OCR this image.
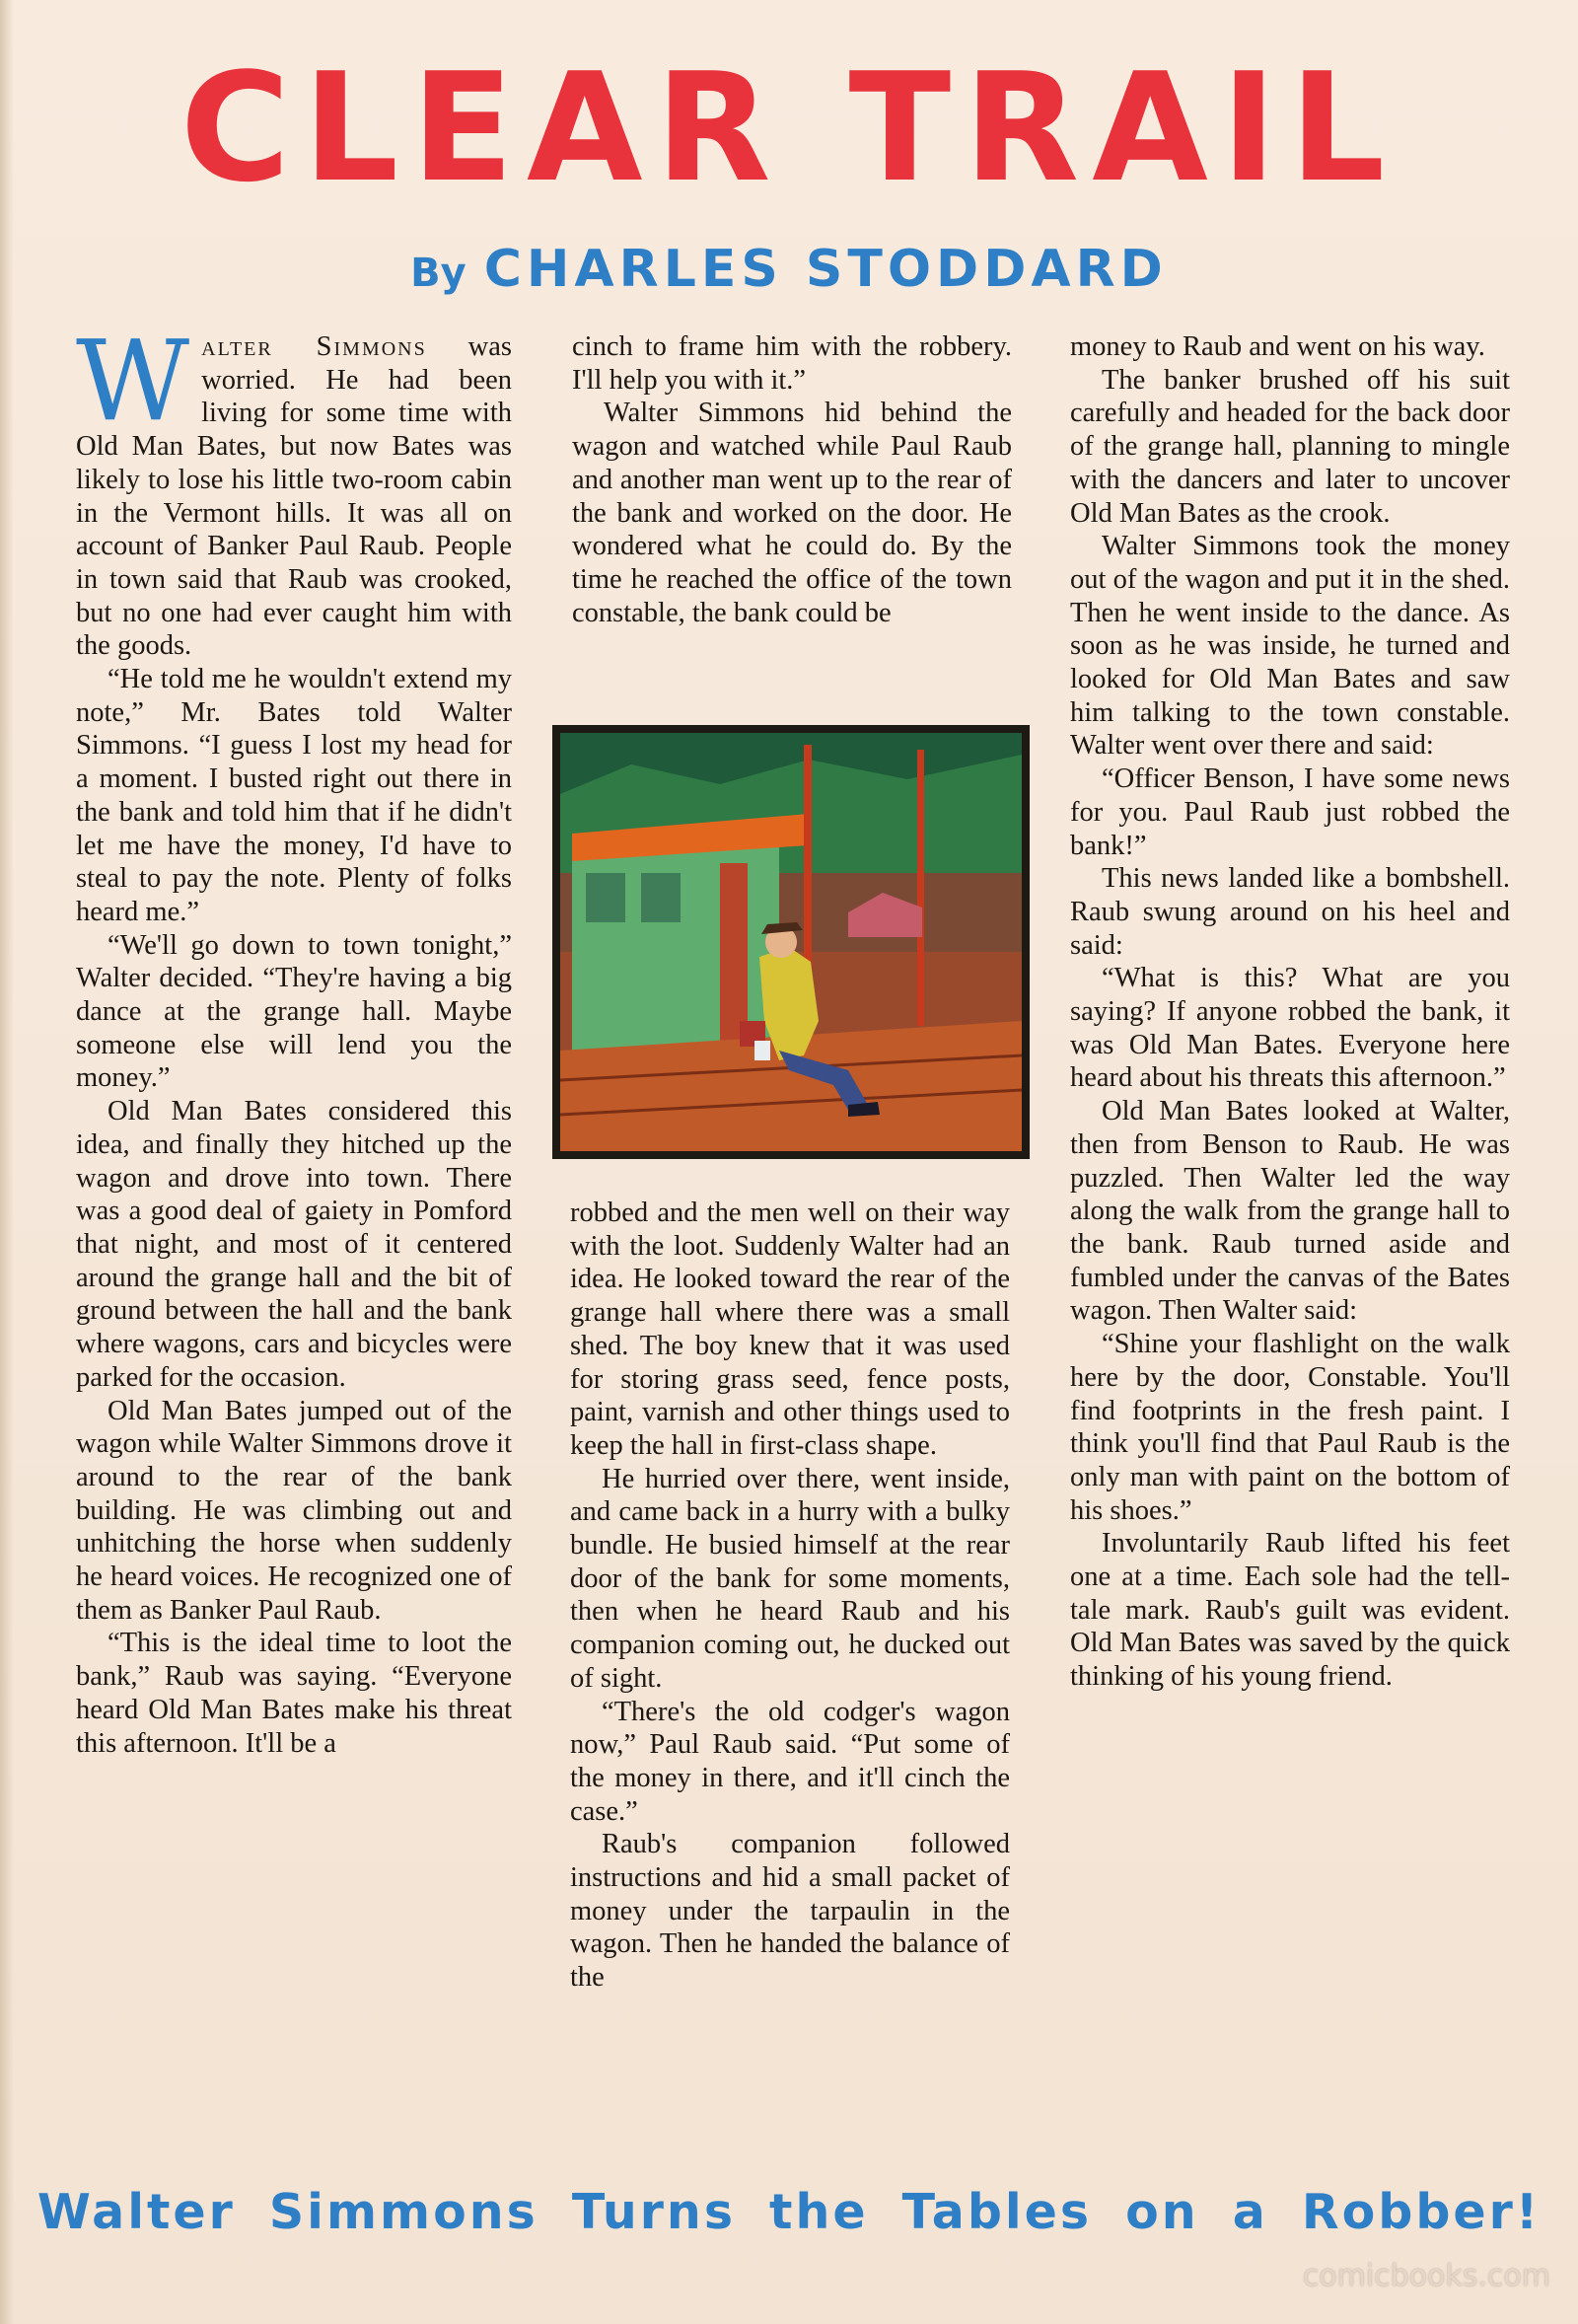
CLEAR TRAIL
By CHARLES STODDARD

Walter Simmons was worried. He had been living for some time with Old Man Bates, but now Bates was likely to lose his little two-room cabin in the Vermont hills. It was all on account of Banker Paul Raub. People in town said that Raub was crooked, but no one had ever caught him with the goods.

“He told me he wouldn't extend my note,” Mr. Bates told Walter Simmons. “I guess I lost my head for a moment. I busted right out there in the bank and told him that if he didn't let me have the money, I'd have to steal to pay the note. Plenty of folks heard me.”

“We'll go down to town tonight,” Walter decided. “They're having a big dance at the grange hall. Maybe someone else will lend you the money.”

Old Man Bates considered this idea, and finally they hitched up the wagon and drove into town. There was a good deal of gaiety in Pomford that night, and most of it centered around the grange hall and the bit of ground between the hall and the bank where wagons, cars and bicycles were parked for the occasion.

Old Man Bates jumped out of the wagon while Walter Simmons drove it around to the rear of the bank building. He was climbing out and unhitching the horse when suddenly he heard voices. He recognized one of them as Banker Paul Raub.

“This is the ideal time to loot the bank,” Raub was saying. “Everyone heard Old Man Bates make his threat this afternoon. It'll be a

cinch to frame him with the robbery. I'll help you with it.”

Walter Simmons hid behind the wagon and watched while Paul Raub and another man went up to the rear of the bank and worked on the door. He wondered what he could do. By the time he reached the office of the town constable, the bank could be

robbed and the men well on their way with the loot. Suddenly Walter had an idea. He looked toward the rear of the grange hall where there was a small shed. The boy knew that it was used for storing grass seed, fence posts, paint, varnish and other things used to keep the hall in first-class shape.

He hurried over there, went inside, and came back in a hurry with a bulky bundle. He busied himself at the rear door of the bank for some moments, then when he heard Raub and his companion coming out, he ducked out of sight.

“There's the old codger's wagon now,” Paul Raub said. “Put some of the money in there, and it'll cinch the case.”

Raub's companion followed instructions and hid a small packet of money under the tarpaulin in the wagon. Then he handed the balance of the

money to Raub and went on his way.

The banker brushed off his suit carefully and headed for the back door of the grange hall, planning to mingle with the dancers and later to uncover Old Man Bates as the crook.

Walter Simmons took the money out of the wagon and put it in the shed. Then he went inside to the dance. As soon as he was inside, he turned and looked for Old Man Bates and saw him talking to the town constable. Walter went over there and said:

“Officer Benson, I have some news for you. Paul Raub just robbed the bank!”

This news landed like a bombshell. Raub swung around on his heel and said:

“What is this? What are you saying? If anyone robbed the bank, it was Old Man Bates. Everyone here heard about his threats this afternoon.”

Old Man Bates looked at Walter, then from Benson to Raub. He was puzzled. Then Walter led the way along the walk from the grange hall to the bank. Raub turned aside and fumbled under the canvas of the Bates wagon. Then Walter said:

“Shine your flashlight on the walk here by the door, Constable. You'll find footprints in the fresh paint. I think you'll find that Paul Raub is the only man with paint on the bottom of his shoes.”

Involuntarily Raub lifted his feet one at a time. Each sole had the tell-tale mark. Raub's guilt was evident. Old Man Bates was saved by the quick thinking of his young friend.

Walter Simmons Turns the Tables on a Robber!
comicbooks.com
